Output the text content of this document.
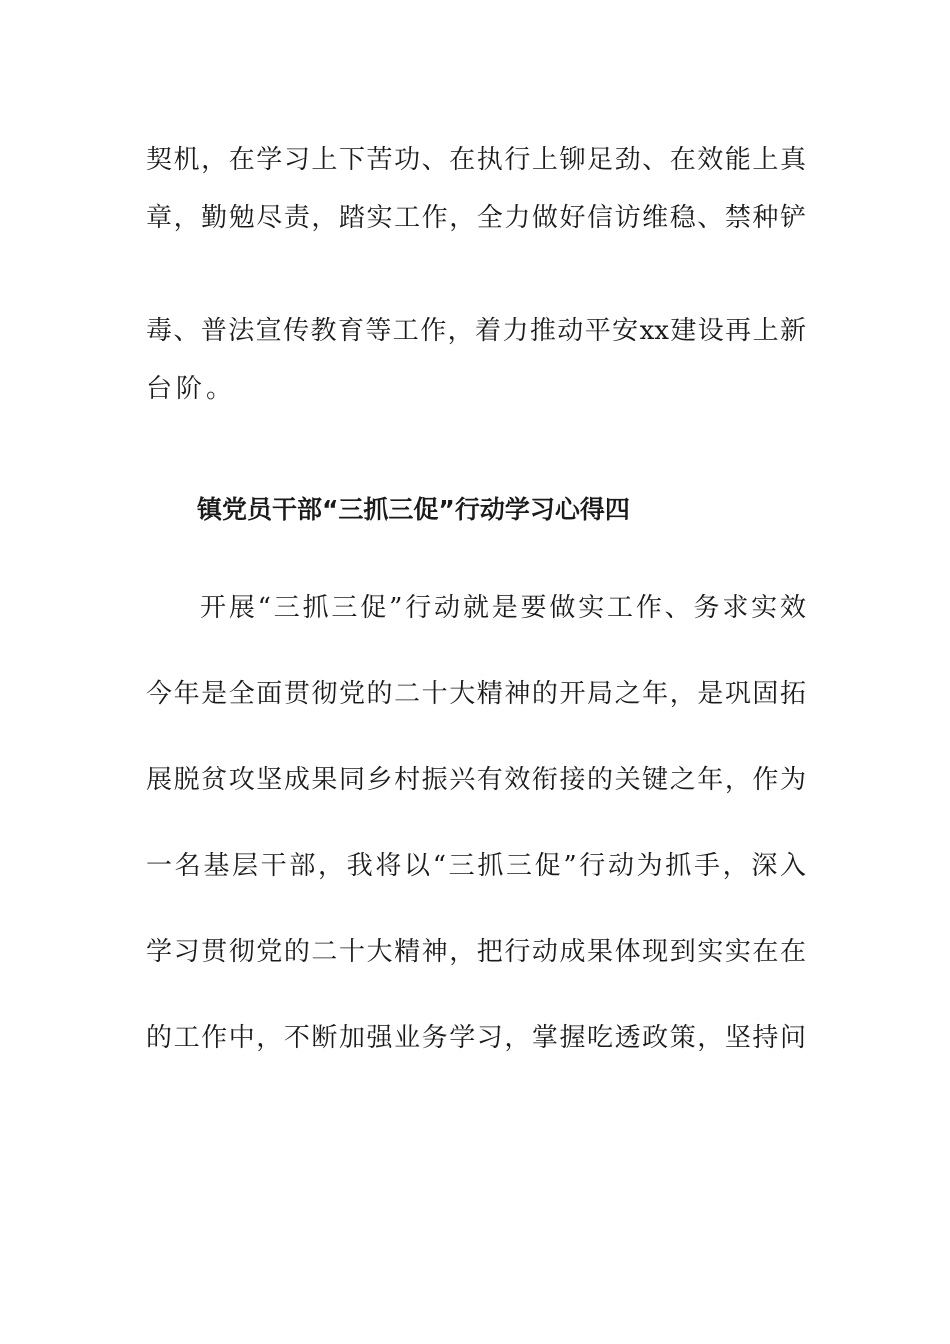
契机，在学习上下苦功、在执行上铆足劲、在效能上真
章，勤勉尽责，踏实工作，全力做好信访维稳、禁种铲
毒、普法宣传教育等工作，着力推动平安xx建设再上新
台阶。
镇党员干部“三抓三促”行动学习心得四
开展“三抓三促”行动就是要做实工作、务求实效
今年是全面贯彻党的二十大精神的开局之年，是巩固拓
展脱贫攻坚成果同乡村振兴有效衔接的关键之年，作为
一名基层干部，我将以“三抓三促”行动为抓手，深入
学习贯彻党的二十大精神，把行动成果体现到实实在在
的工作中，不断加强业务学习，掌握吃透政策，坚持问
